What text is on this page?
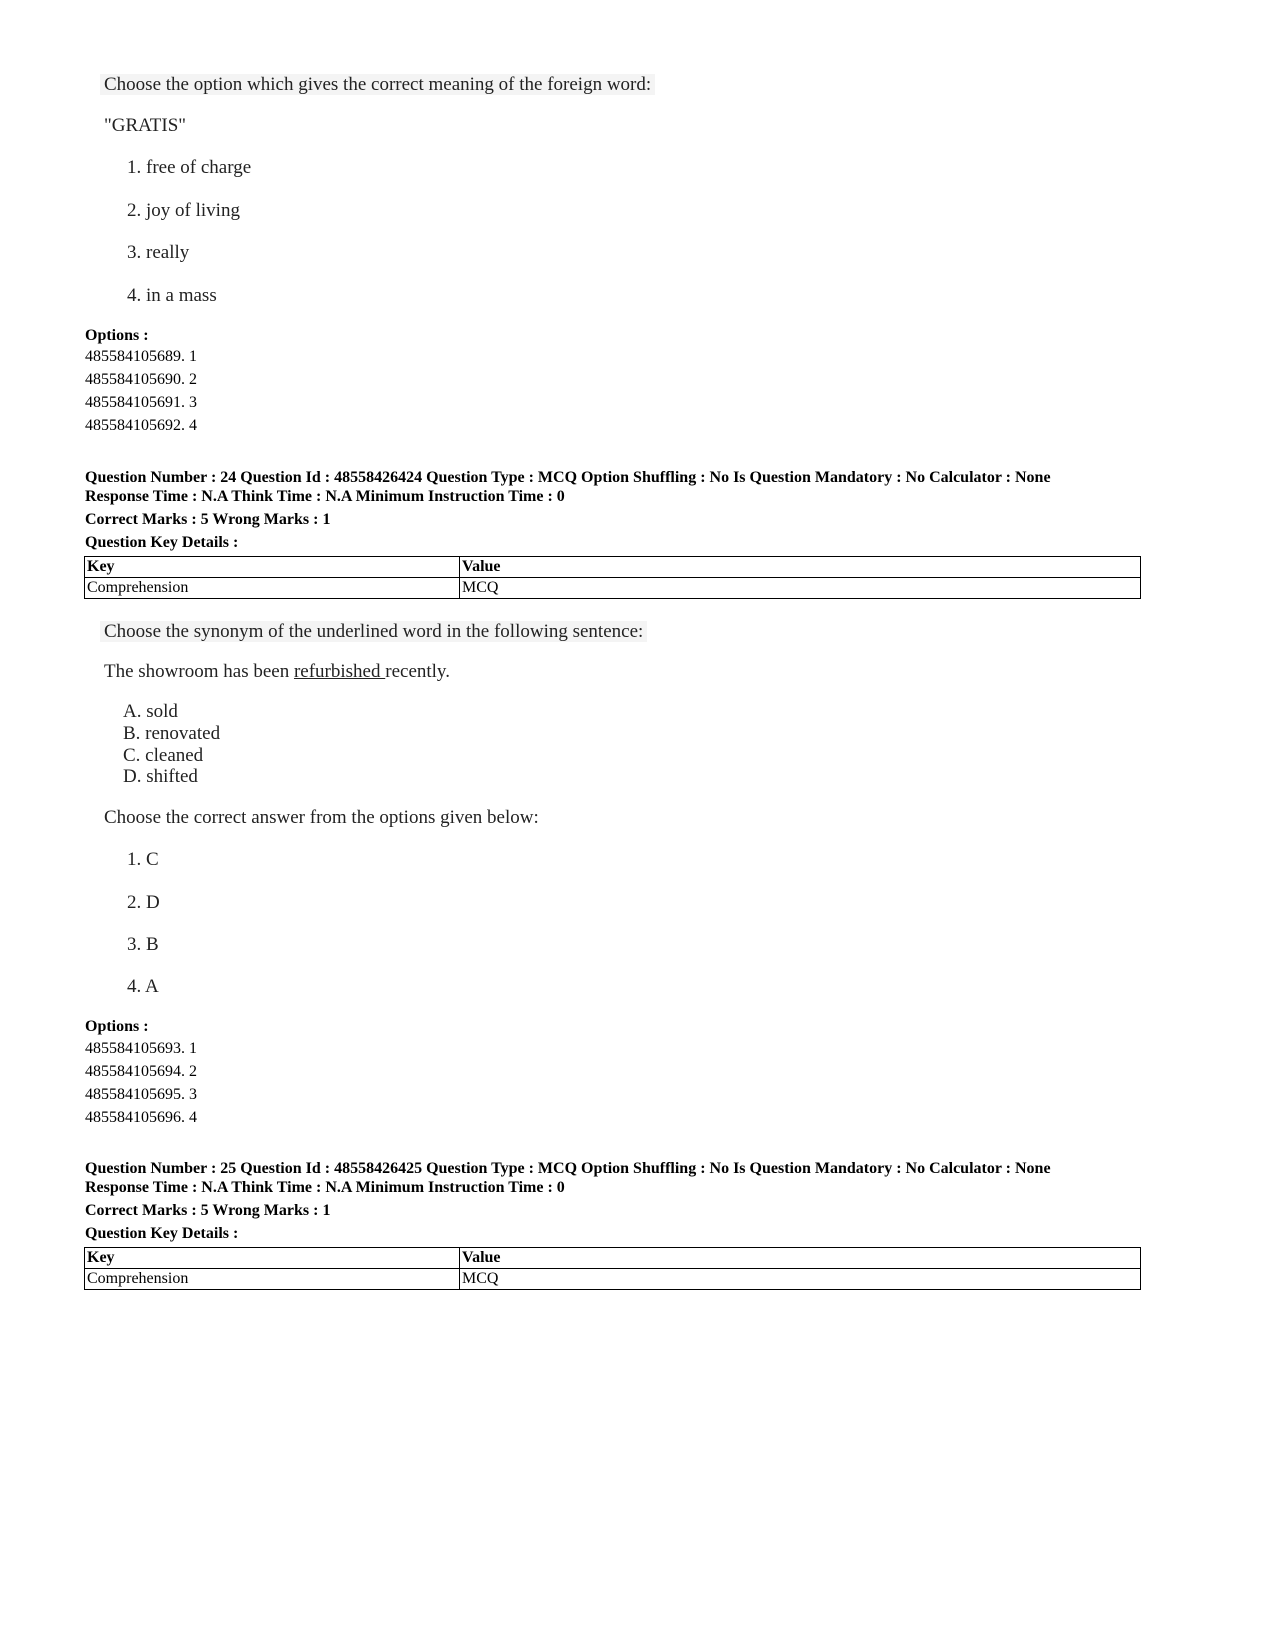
Choose the option which gives the correct meaning of the foreign word:
"GRATIS"
1. free of charge
2. joy of living
3. really
4. in a mass
Options :
485584105689. 1
485584105690. 2
485584105691. 3
485584105692. 4
Question Number : 24 Question Id : 48558426424 Question Type : MCQ Option Shuffling : No Is Question Mandatory : No Calculator : None
Response Time : N.A Think Time : N.A Minimum Instruction Time : 0
Correct Marks : 5 Wrong Marks : 1
Question Key Details :
Key	Value
Comprehension	MCQ
Choose the synonym of the underlined word in the following sentence:
The showroom has been refurbished recently.
A. sold
B. renovated
C. cleaned
D. shifted
Choose the correct answer from the options given below:
1. C
2. D
3. B
4. A
Options :
485584105693. 1
485584105694. 2
485584105695. 3
485584105696. 4
Question Number : 25 Question Id : 48558426425 Question Type : MCQ Option Shuffling : No Is Question Mandatory : No Calculator : None
Response Time : N.A Think Time : N.A Minimum Instruction Time : 0
Correct Marks : 5 Wrong Marks : 1
Question Key Details :
Key	Value
Comprehension	MCQ
